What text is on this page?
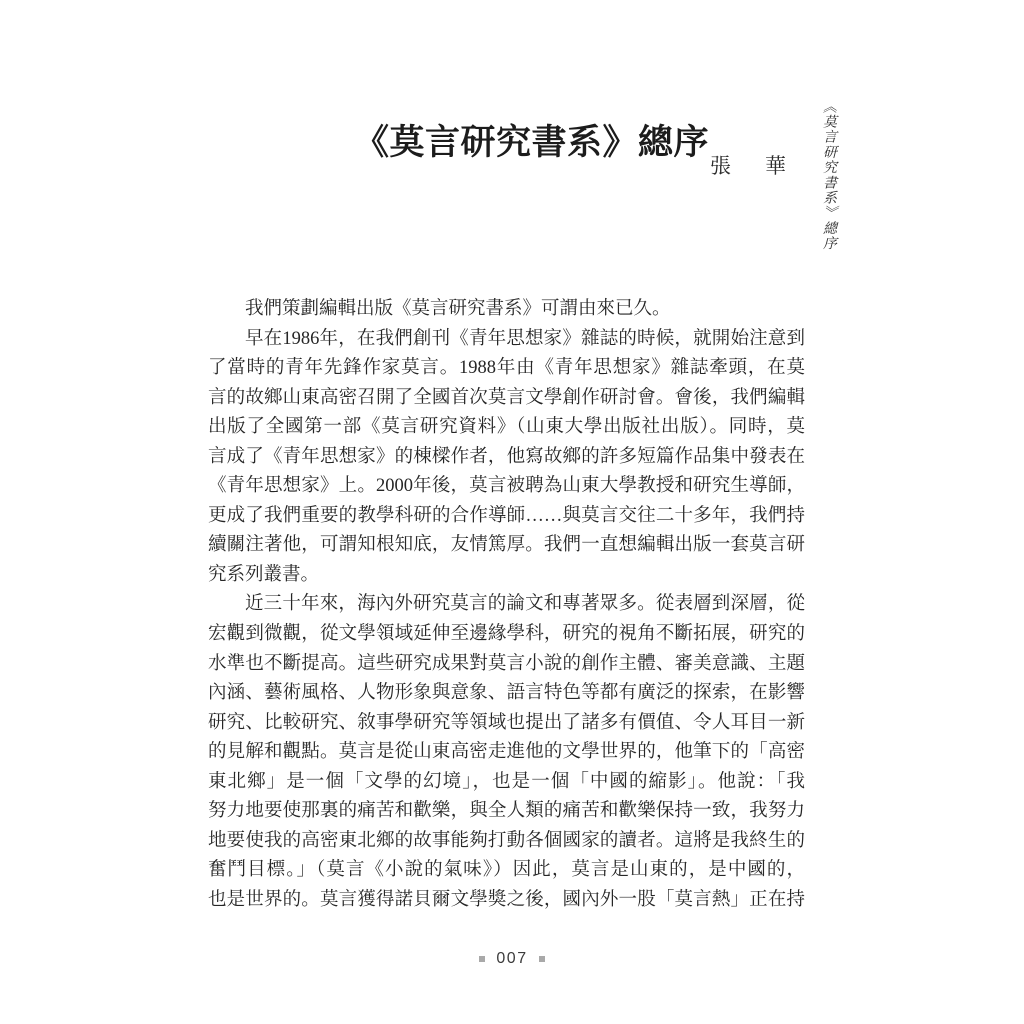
《莫言研究書系》總序
張 華	《莫言研究書系》總序
我們策劃編輯出版《莫言研究書系》可謂由來已久。
早在1986年，在我們創刊《青年思想家》雜誌的時候，就開始注意到
了當時的青年先鋒作家莫言。1988年由《青年思想家》雜誌牽頭，在莫
言的故鄉山東高密召開了全國首次莫言文學創作研討會。會後，我們編輯
出版了全國第一部《莫言研究資料》（山東大學出版社出版）。同時，莫
言成了《青年思想家》的棟樑作者，他寫故鄉的許多短篇作品集中發表在
《青年思想家》上。2000年後，莫言被聘為山東大學教授和研究生導師，
更成了我們重要的教學科研的合作導師……與莫言交往二十多年，我們持
續關注著他，可謂知根知底，友情篤厚。我們一直想編輯出版一套莫言研
究系列叢書。
近三十年來，海內外研究莫言的論文和專著眾多。從表層到深層，從
宏觀到微觀，從文學領域延伸至邊緣學科，研究的視角不斷拓展，研究的
水準也不斷提高。這些研究成果對莫言小說的創作主體、審美意識、主題
內涵、藝術風格、人物形象與意象、語言特色等都有廣泛的探索，在影響
研究、比較研究、敘事學研究等領域也提出了諸多有價值、令人耳目一新
的見解和觀點。莫言是從山東高密走進他的文學世界的，他筆下的「高密
東北鄉」是一個「文學的幻境」，也是一個「中國的縮影」。他說：「我
努力地要使那裏的痛苦和歡樂，與全人類的痛苦和歡樂保持一致，我努力
地要使我的高密東北鄉的故事能夠打動各個國家的讀者。這將是我終生的
奮鬥目標。」（莫言《小說的氣味》）因此，莫言是山東的，是中國的，
也是世界的。莫言獲得諾貝爾文學獎之後，國內外一股「莫言熱」正在持
007
